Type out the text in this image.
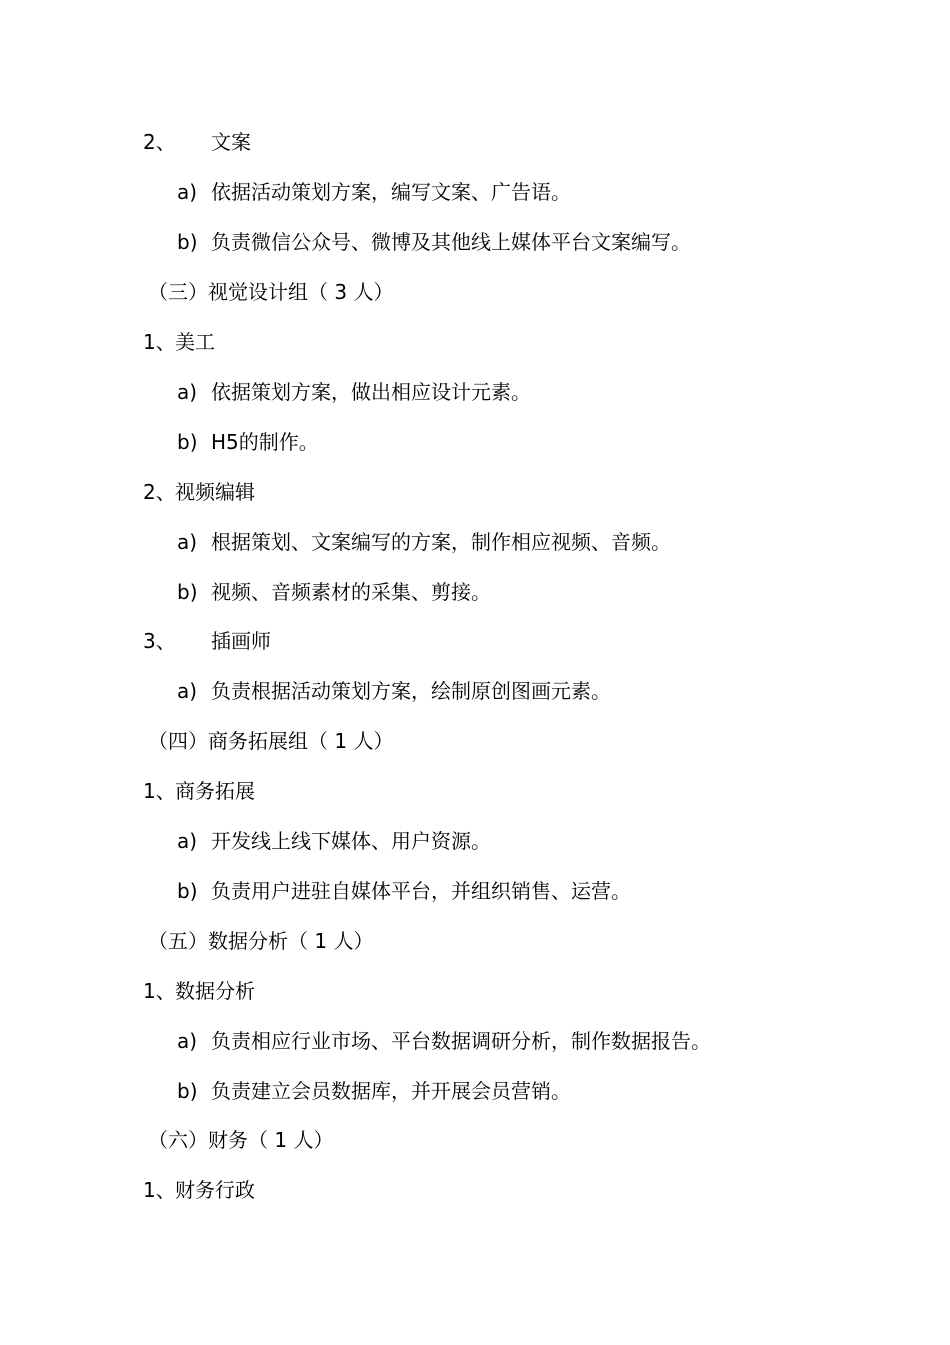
2、 文案
a) 依据活动策划方案，编写文案、广告语。
b) 负责微信公众号、微博及其他线上媒体平台文案编写。
（三）视觉设计组（ 3 人）
1、 美工
a) 依据策划方案，做出相应设计元素。
b) H5的制作。
2、 视频编辑
a) 根据策划、文案编写的方案，制作相应视频、音频。
b) 视频、音频素材的采集、剪接。
3、 插画师
a) 负责根据活动策划方案，绘制原创图画元素。
（四）商务拓展组（ 1 人）
1、 商务拓展
a) 开发线上线下媒体、用户资源。
b) 负责用户进驻自媒体平台，并组织销售、运营。
（五）数据分析（ 1 人）
1、 数据分析
a) 负责相应行业市场、平台数据调研分析，制作数据报告。
b) 负责建立会员数据库，并开展会员营销。
（六）财务（ 1 人）
1、 财务行政
